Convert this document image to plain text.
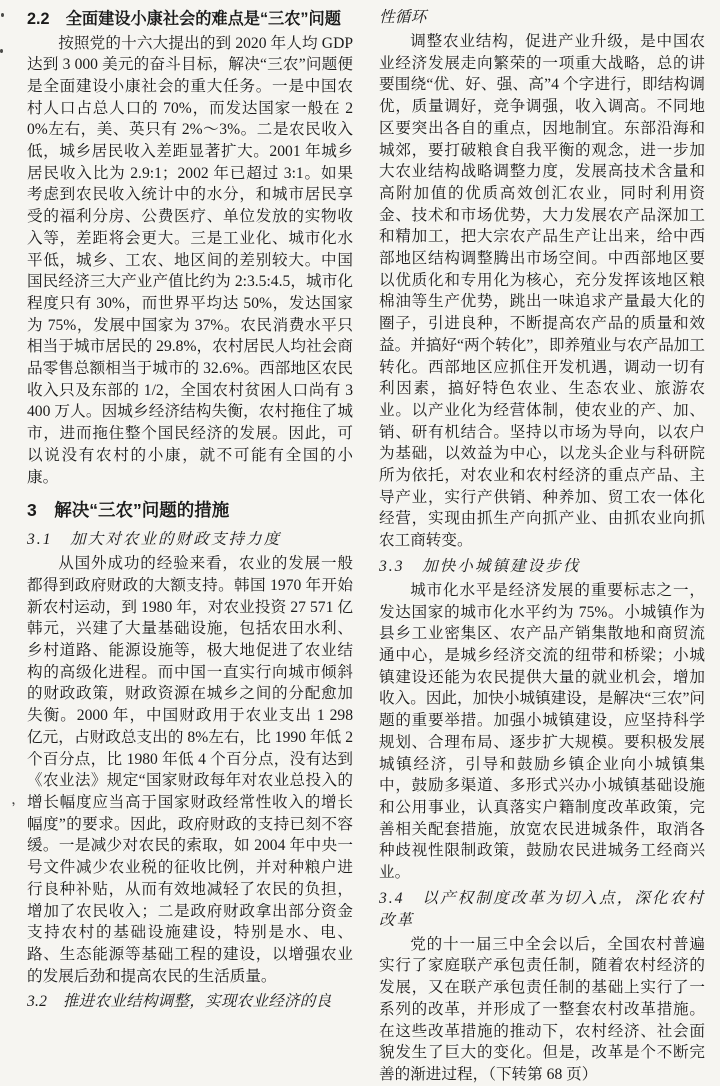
2.2　全面建设小康社会的难点是“三农”问题

按照党的十六大提出的到 2020 年人均 GDP 达到 3 000 美元的奋斗目标，解决“三农”问题便是全面建设小康社会的重大任务。一是中国农村人口占总人口的 70%，而发达国家一般在 20%左右，美、英只有 2%～3%。二是农民收入低，城乡居民收入差距显著扩大。2001 年城乡居民收入比为 2.9:1；2002 年已超过 3:1。如果考虑到农民收入统计中的水分，和城市居民享受的福利分房、公费医疗、单位发放的实物收入等，差距将会更大。三是工业化、城市化水平低，城乡、工农、地区间的差别较大。中国国民经济三大产业产值比约为 2:3.5:4.5，城市化程度只有 30%，而世界平均达 50%，发达国家为 75%，发展中国家为 37%。农民消费水平只相当于城市居民的 29.8%，农村居民人均社会商品零售总额相当于城市的 32.6%。西部地区农民收入只及东部的 1/2，全国农村贫困人口尚有 3 400 万人。因城乡经济结构失衡，农村拖住了城市，进而拖住整个国民经济的发展。因此，可以说没有农村的小康，就不可能有全国的小康。

3　解决“三农”问题的措施
3.1　加大对农业的财政支持力度

从国外成功的经验来看，农业的发展一般都得到政府财政的大额支持。韩国 1970 年开始新农村运动，到 1980 年，对农业投资 27 571 亿韩元，兴建了大量基础设施，包括农田水利、乡村道路、能源设施等，极大地促进了农业结构的高级化进程。而中国一直实行向城市倾斜的财政政策，财政资源在城乡之间的分配愈加失衡。2000 年，中国财政用于农业支出 1 298 亿元，占财政总支出的 8%左右，比 1990 年低 2 个百分点，比 1980 年低 4 个百分点，没有达到《农业法》规定“国家财政每年对农业总投入的增长幅度应当高于国家财政经常性收入的增长幅度”的要求。因此，政府财政的支持已刻不容缓。一是减少对农民的索取，如 2004 年中央一号文件减少农业税的征收比例，并对种粮户进行良种补贴，从而有效地减轻了农民的负担，增加了农民收入；二是政府财政拿出部分资金支持农村的基础设施建设，特别是水、电、路、生态能源等基础工程的建设，以增强农业的发展后劲和提高农民的生活质量。

3.2　推进农业结构调整，实现农业经济的良
性循环

调整农业结构，促进产业升级，是中国农业经济发展走向繁荣的一项重大战略，总的讲要围绕“优、好、强、高”4 个字进行，即结构调优，质量调好，竞争调强，收入调高。不同地区要突出各自的重点，因地制宜。东部沿海和城郊，要打破粮食自我平衡的观念，进一步加大农业结构战略调整力度，发展高技术含量和高附加值的优质高效创汇农业，同时利用资金、技术和市场优势，大力发展农产品深加工和精加工，把大宗农产品生产让出来，给中西部地区结构调整腾出市场空间。中西部地区要以优质化和专用化为核心，充分发挥该地区粮棉油等生产优势，跳出一味追求产量最大化的圈子，引进良种，不断提高农产品的质量和效益。并搞好“两个转化”，即养殖业与农产品加工转化。西部地区应抓住开发机遇，调动一切有利因素，搞好特色农业、生态农业、旅游农业。以产业化为经营体制，使农业的产、加、销、研有机结合。坚持以市场为导向，以农户为基础，以效益为中心，以龙头企业与科研院所为依托，对农业和农村经济的重点产品、主导产业，实行产供销、种养加、贸工农一体化经营，实现由抓生产向抓产业、由抓农业向抓农工商转变。

3.3　加快小城镇建设步伐

城市化水平是经济发展的重要标志之一，发达国家的城市化水平约为 75%。小城镇作为县乡工业密集区、农产品产销集散地和商贸流通中心，是城乡经济交流的纽带和桥梁；小城镇建设还能为农民提供大量的就业机会，增加收入。因此，加快小城镇建设，是解决“三农”问题的重要举措。加强小城镇建设，应坚持科学规划、合理布局、逐步扩大规模。要积极发展城镇经济，引导和鼓励乡镇企业向小城镇集中，鼓励多渠道、多形式兴办小城镇基础设施和公用事业，认真落实户籍制度改革政策，完善相关配套措施，放宽农民进城条件，取消各种歧视性限制政策，鼓励农民进城务工经商兴业。

3.4　以产权制度改革为切入点，深化农村改革

党的十一届三中全会以后，全国农村普遍实行了家庭联产承包责任制，随着农村经济的发展，又在联产承包责任制的基础上实行了一系列的改革，并形成了一整套农村改革措施。在这些改革措施的推动下，农村经济、社会面貌发生了巨大的变化。但是，改革是个不断完善的渐进过程，（下转第 68 页）

’
